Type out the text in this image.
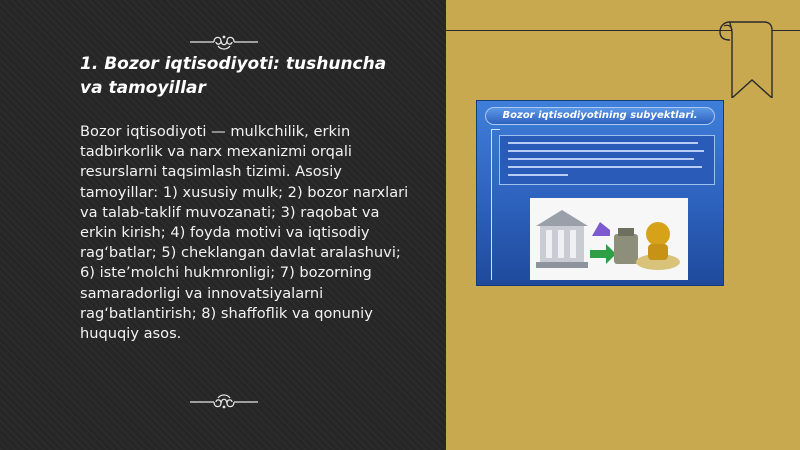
1. Bozor iqtisodiyoti: tushuncha va tamoyillar

Bozor iqtisodiyoti — mulkchilik, erkin tadbirkorlik va narx mexanizmi orqali resurslarni taqsimlash tizimi. Asosiy tamoyillar: 1) xususiy mulk; 2) bozor narxlari va talab-taklif muvozanati; 3) raqobat va erkin kirish; 4) foyda motivi va iqtisodiy rag‘batlar; 5) cheklangan davlat aralashuvi; 6) iste’molchi hukmronligi; 7) bozorning samaradorligi va innovatsiyalarni rag‘batlantirish; 8) shaffoflik va qonuniy huquqiy asos.

Bozor iqtisodiyotining subyektlari.
